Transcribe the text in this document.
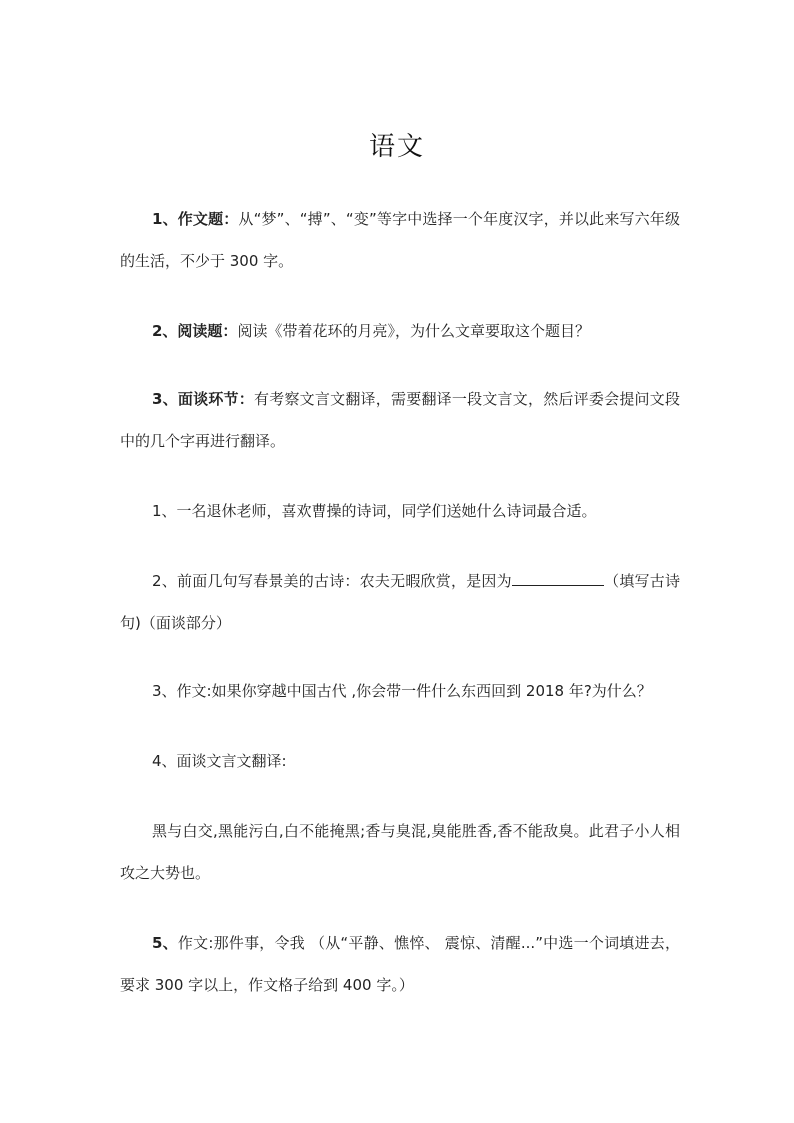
语文
1、作文题：从“梦”、“搏”、“变”等字中选择一个年度汉字，并以此来写六年级的生活，不少于 300 字。
2、阅读题：阅读《带着花环的月亮》，为什么文章要取这个题目？
3、面谈环节：有考察文言文翻译，需要翻译一段文言文，然后评委会提问文段中的几个字再进行翻译。
1、一名退休老师，喜欢曹操的诗词，同学们送她什么诗词最合适。
2、前面几句写春景美的古诗：农夫无暇欣赏，是因为	（填写古诗句)（面谈部分）
3、作文:如果你穿越中国古代 ,你会带一件什么东西回到 2018 年?为什么？
4、面谈文言文翻译:
黑与白交,黑能污白,白不能掩黑;香与臭混,臭能胜香,香不能敌臭。此君子小人相攻之大势也。
5、作文:那件事，令我 （从“平静、憔悴、 震惊、清醒...”中选一个词填进去，要求 300 字以上，作文格子给到 400 字。）
